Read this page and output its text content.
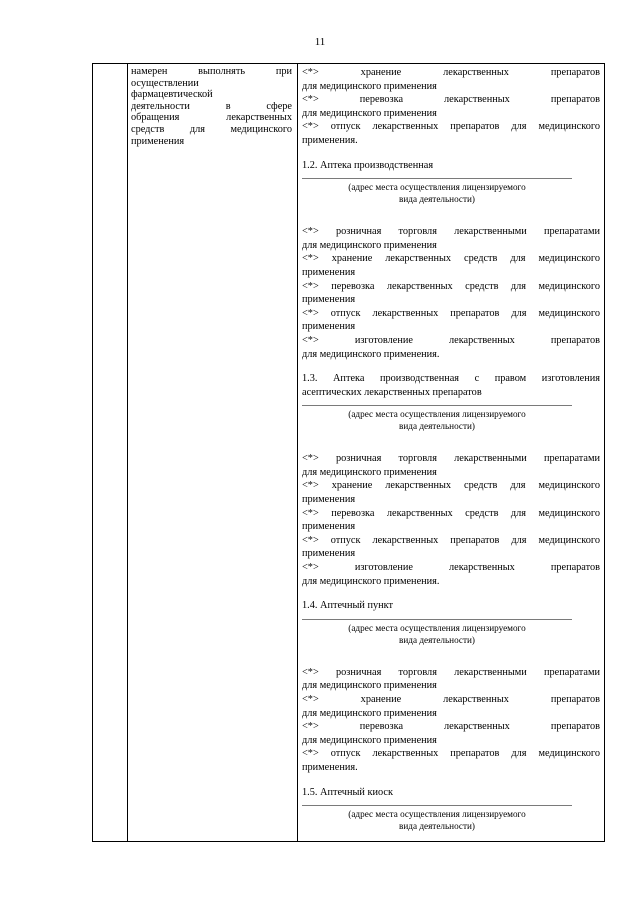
11
намерен выполнять при
осуществлении
фармацевтической
деятельности в сфере
обращения лекарственных
средств для медицинского
применения
<*> хранение лекарственных препаратов
для медицинского применения
<*> перевозка лекарственных препаратов
для медицинского применения
<*> отпуск лекарственных препаратов для медицинского
применения.
1.2. Аптека производственная
(адрес места осуществления лицензируемого
вида деятельности)
<*> розничная торговля лекарственными препаратами
для медицинского применения
<*> хранение лекарственных средств для медицинского
применения
<*> перевозка лекарственных средств для медицинского
применения
<*> отпуск лекарственных препаратов для медицинского
применения
<*> изготовление лекарственных препаратов
для медицинского применения.
1.3. Аптека производственная с правом изготовления
асептических лекарственных препаратов
(адрес места осуществления лицензируемого
вида деятельности)
<*> розничная торговля лекарственными препаратами
для медицинского применения
<*> хранение лекарственных средств для медицинского
применения
<*> перевозка лекарственных средств для медицинского
применения
<*> отпуск лекарственных препаратов для медицинского
применения
<*> изготовление лекарственных препаратов
для медицинского применения.
1.4. Аптечный пункт
(адрес места осуществления лицензируемого
вида деятельности)
<*> розничная торговля лекарственными препаратами
для медицинского применения
<*> хранение лекарственных препаратов
для медицинского применения
<*> перевозка лекарственных препаратов
для медицинского применения
<*> отпуск лекарственных препаратов для медицинского
применения.
1.5. Аптечный киоск
(адрес места осуществления лицензируемого
вида деятельности)
